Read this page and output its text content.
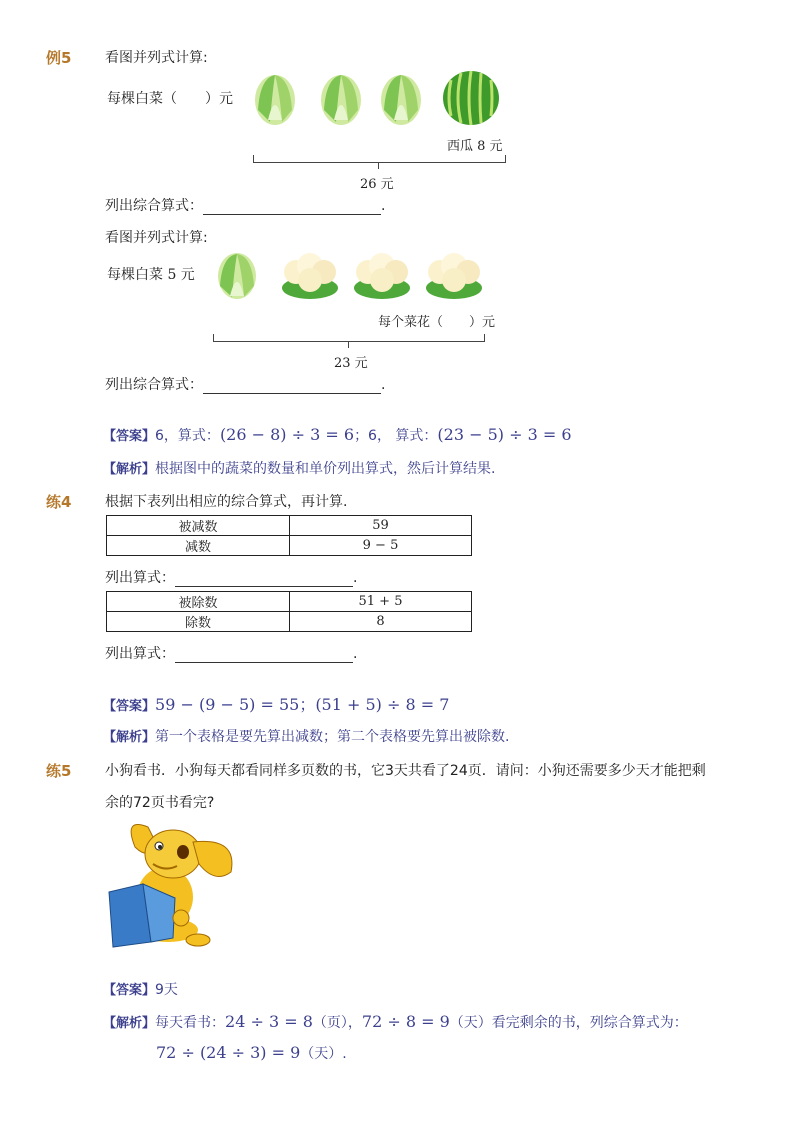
例5 看图并列式计算:
每棵白菜（　　）元
西瓜 8 元
26 元
列出综合算式：	.
看图并列式计算:
每棵白菜 5 元
每个菜花（　　）元
23 元
列出综合算式：	.
【答案】6，算式：(26 − 8) ÷ 3 = 6；6， 算式：(23 − 5) ÷ 3 = 6
【解析】根据图中的蔬菜的数量和单价列出算式，然后计算结果.
练4 根据下表列出相应的综合算式，再计算.
被减数	59
减数	9 − 5
列出算式：	.
被除数	51 + 5
除数	8
列出算式：	.
【答案】59 − (9 − 5) = 55；(51 + 5) ÷ 8 = 7
【解析】第一个表格是要先算出减数；第二个表格要先算出被除数.
练5 小狗看书．小狗每天都看同样多页数的书，它3天共看了24页．请问：小狗还需要多少天才能把剩
余的72页书看完?
【答案】9天
【解析】每天看书：24 ÷ 3 = 8（页），72 ÷ 8 = 9（天）看完剩余的书，列综合算式为：
72 ÷ (24 ÷ 3) = 9（天）.
